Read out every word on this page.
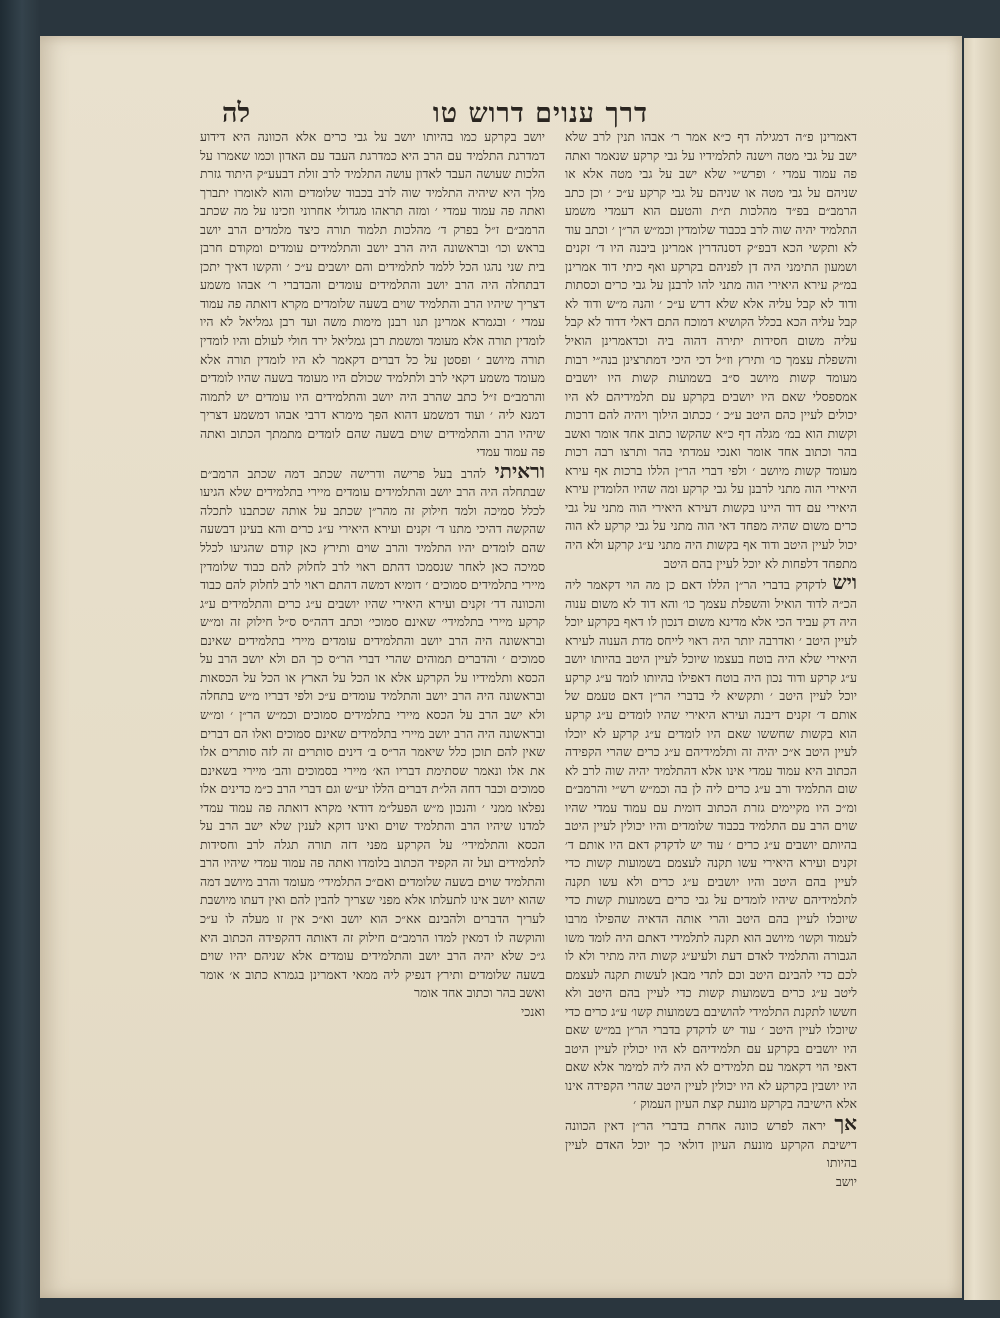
דרך ענוים דרוש טו
לה

דאמרינן פ״ה דמגילה דף כ״א אמר ר׳ אבהו תנין לרב שלא ישב על גבי מטה וישנה לתלמידיו על גבי קרקע שנאמר ואתה פה עמוד עמדי ׳ ופרש״י שלא ישב על גבי מטה אלא או שניהם על גבי מטה או שניהם על גבי קרקע ע״כ ׳ וכן כתב הרמב״ם בפ״ד מהלכות ת״ת והטעם הוא דעמדי משמע התלמיד יהיה שוה לרב בכבוד שלומדין וכמ״ש הר״ן ׳ וכתב עוד לא ותקשי הכא דבפ״ק דסנהדרין אמרינן ביבנה היו ד׳ זקנים ושמעון התימני היה דן לפניהם בקרקע ואף כיתי דוד אמרינן במ״ק עירא היאירי הוה מתני להו לרבנן על גבי כרים וכסתות ודוד לא קבל עליה אלא שלא דרש ע״כ ׳ והנה מ״ש ודוד לא קבל עליה הכא בכלל הקושיא דמוכח התם דאלי דדוד לא קבל עליה משום חסידות יתירה דהוה ביה וכדאמרינן הואיל והשפלת עצמך כו׳ ותירץ וז״ל דכי היכי דמתרצינן בנה״י רבות מעומד קשות מיושב ס״ב בשמועות קשות היו יושבים אמספסלי שאם היו יושבים בקרקע עם תלמידיהם לא היו יכולים לעיין כהם היטב ע״כ ׳ ככתוב הילוך ויהיה להם דרכות וקשות הוא במ׳ מגלה דף כ״א שהקשו כתוב אחד אומר ואשב בהר וכתוב אחד אומר ואנכי עמדתי בהר ותרצו רבה רכות מעומד קשות מיושב ׳ ולפי דברי הר״ן הללו ברכות אף עירא היאירי הוה מתני לרבנן על גבי קרקע ומה שהיו הלומדין עירא היאירי עם דוד היינו בקשות דעירא היאירי הוה מתני על גבי כרים משום שהיה מפחד דאי הוה מתני על גבי קרקע לא הוה יכול לעיין היטב ודוד אף בקשות היה מתני ע״ג קרקע ולא היה מתפחד דלפחות לא יוכל לעיין בהם היטב

ויש לדקדק בדברי הר״ן הללו דאם כן מה הוי דקאמר ליה הכ״ה לדוד הואיל והשפלת עצמך כו׳ והא דוד לא משום ענוה היה דק עביד הכי אלא מדינא משום דנכון לו דאף בקרקע יוכל לעיין היטב ׳ ואדרבה יותר היה ראוי לייחס מדת הענוה לעירא היאירי שלא היה בוטח בעצמו שיוכל לעיין היטב בהיותו יושב ע״ג קרקע ודוד נכון היה בוטח דאפילו בהיותו לומד ע״ג קרקע יוכל לעיין היטב ׳ ותקשיא לי בדברי הר״ן דאם טעמם של אותם ד׳ זקנים דיבנה ועירא היאירי שהיו לומדים ע״ג קרקע הוא בקשות שחששו שאם היו לומדים ע״ג קרקע לא יוכלו לעיין היטב א״כ יהיה זה ותלמידיהם ע״ג כרים שהרי הקפידה הכתוב היא עמוד עמדי אינו אלא דהתלמיד יהיה שוה לרב לא שום התלמיד ורב ע״ג כרים ליה לן בה וכמ״ש רש״י והרמב״ם ומ״כ היו מקיימים גזרת הכתוב דומית עם עמוד עמדי שהיו שוים הרב עם התלמיד בכבוד שלומדים והיו יכולין לעיין היטב בהיותם יושבים ע״ג כרים ׳ עוד יש לדקדק דאם היו אותם ד׳ זקנים ועירא היאירי עשו תקנה לעצמם בשמועות קשות כדי לעיין בהם היטב והיו יושבים ע״ג כרים ולא עשו תקנה לתלמידיהם שיהיו לומדים על גבי כרים בשמועות קשות כדי שיוכלו לעיין בהם היטב והרי אותה הדאיה שהפילו מרבו לעמוד וקשו׳ מיושב הוא תקנה לתלמידי דאתם היה לומד משו הגבורה והתלמיד לאדם דעת ולעיע״ג קשות היה מתיר ולא לו לכם כדי להבינם היטב וכם לתדי מבאן לעשות תקנה לעצמם ליטב ע״ג כרים בשמועות קשות כדי לעיין בהם היטב ולא חששו לתקנת התלמידי להושיבם בשמועות קשו׳ ע״ג כרים כדי שיוכלו לעיין היטב ׳ עוד יש לדקדק בדברי הר״ן במ״ש שאם היו יושבים בקרקע עם תלמידיהם לא היו יכולין לעיין היטב דאפי הוי דקאמר עם תלמידים לא היה ליה למימר אלא שאם היו יושבין בקרקע לא היו יכולין לעיין היטב שהרי הקפידה אינו אלא הישיבה בקרקע מונעת קצת העיון העמוק ׳

אך יראה לפרש כוונה אחרת בדברי הר״ן דאין הכוונה דישיבת הקרקע מונעת העיון דולאי כך יוכל האדם לעיין בהיותו

יושב

יושב בקרקע כמו בהיותו יושב על גבי כרים אלא הכוונה היא דידוע דמדרגת התלמיד עם הרב היא כמדרגת העבד עם האדון וכמו שאמרו על הלכות שעושה העבד לאדון עושה התלמיד לרב זולת דבעע״ק היתוד גזרת מלך היא שיהיה התלמיד שוה לרב בכבוד שלומדים והוא לאומרו יתברך ואתה פה עמוד עמדי ׳ ומזה תראהו מגדולי אחרוני וזכינו על מה שכתב הרמב״ם ז״ל בפרק ד׳ מהלכות תלמוד תורה כיצד מלמדים הרב יושב בראש וכו׳ ובראשונה היה הרב יושב והתלמידים עומדים ומקודם חרבן בית שני נהגו הכל ללמד לתלמידים והם יושבים ע״כ ׳ והקשו דאיך יתכן דבתחלה היה הרב יושב והתלמידים עומדים והבדברי ר׳ אבהו משמע דצריך שיהיו הרב והתלמיד שוים בשעה שלומדים מקרא דואתה פה עמוד עמדי ׳ ובגמרא אמרינן תנו רבנן מימות משה ועד רבן גמליאל לא היו לומדין תורה אלא מעומד ומשמת רבן גמליאל ירד חולי לעולם והיו לומדין תורה מיושב ׳ ופסטן על כל דברים דקאמר לא היו לומדין תורה אלא מעומד משמע דקאי לרב ולתלמיד שכולם היו מעומד בשעה שהיו לומדים והרמב״ם ז״ל כתב שהרב היה יושב והתלמידים היו עומדים יש לתמוה דמנא ליה ׳ ועוד דמשמע דהוא הפך מימרא דרבי אבהו דמשמע דצריך שיהיו הרב והתלמידים שוים בשעה שהם לומדים מתמתך הכתוב ואתה פה עמוד עמדי

וראיתי להרב בעל פרישה ודרישה שכתב דמה שכתב הרמב״ם שבתחלה היה הרב יושב והתלמידים עומדים מיירי בתלמידים שלא הגיעו לכלל סמיכה ולמד חילוק זה מהר״ן שכתב על אותה שכתבנו לתכלה שהקשה דהיכי מתנו ד׳ זקנים ועירא היאירי ע״ג כרים והא בעינן דבשעה שהם לומדים יהיו התלמיד והרב שוים ותירץ כאן קודם שהגיעו לכלל סמיכה כאן לאחר שנסמכו דהתם ראוי לרב לחלוק להם כבוד שלומדין מיירי בתלמידים סמוכים ׳ דומיא דמשה דהתם ראוי לרב לחלוק להם כבוד והכוונה דד׳ זקנים ועירא היאירי שהיו יושבים ע״ג כרים והתלמידים ע״ג קרקע מיירי בתלמידי׳ שאינם סמוכי׳ וכתב דהה״ס ס״ל חילוק זה ומ״ש ובראשונה היה הרב יושב והתלמידים עומדים מיירי בתלמידים שאינם סמוכים ׳ והדברים תמוהים שהרי דברי הר״ס כך הם ולא יושב הרב על הכסא ותלמידיו על הקרקע אלא או הכל על הארץ או הכל על הכסאות ובראשונה היה הרב יושב והתלמיד עומדים ע״כ ולפי דבריו מ״ש בתחלה ולא ישב הרב על הכסא מיירי בתלמידים סמוכים וכמ״ש הר״ן ׳ ומ״ש ובראשונה היה הרב יושב מיירי בתלמידים שאינם סמוכים ואלו הם דברים שאין להם תוכן כלל שיאמר הר״ס ב׳ דינים סותרים זה לזה סותרים אלו את אלו ונאמר שסתימת דבריו הא׳ מיירי בסמוכים והב׳ מיירי בשאינם סמוכים וכבר דחה הל״ת דברים הללו יע״ש וגם דברי הרב כ״מ כדינים אלו נפלאו ממני ׳ והנכון מ״ש הפעל״מ דודאי מקרא דואתה פה עמוד עמדי למדנו שיהיו הרב והתלמיד שוים ואינו דוקא לענין שלא ישב הרב על הכסא והתלמידי׳ על הקרקע מפני דזה תורה תגלה לרב וחסידות לתלמידים ועל זה הקפיד הכתוב בלומדו ואתה פה עמוד עמדי שיהיו הרב והתלמיד שוים בשעה שלומדים ואם״כ התלמידי׳ מעומד והרב מיושב דמה שהוא יושב אינו לתעלתו אלא מפני שצריך להבין להם ואין דעתו מיושבת לעריך הדברים ולהבינם אא״כ הוא יושב וא״כ אין זו מעלה לו ע״כ והוקשה לו דמאין למדו הרמב״ם חילוק זה דאותה דהקפידה הכתוב היא ג״כ שלא יהיה הרב יושב והתלמידים עומדים אלא שניהם יהיו שוים בשעה שלומדים ותירץ דנפיק ליה ממאי דאמרינן בגמרא כתוב א׳ אומר ואשב בהר וכתוב אחד אומר

ואנכי
